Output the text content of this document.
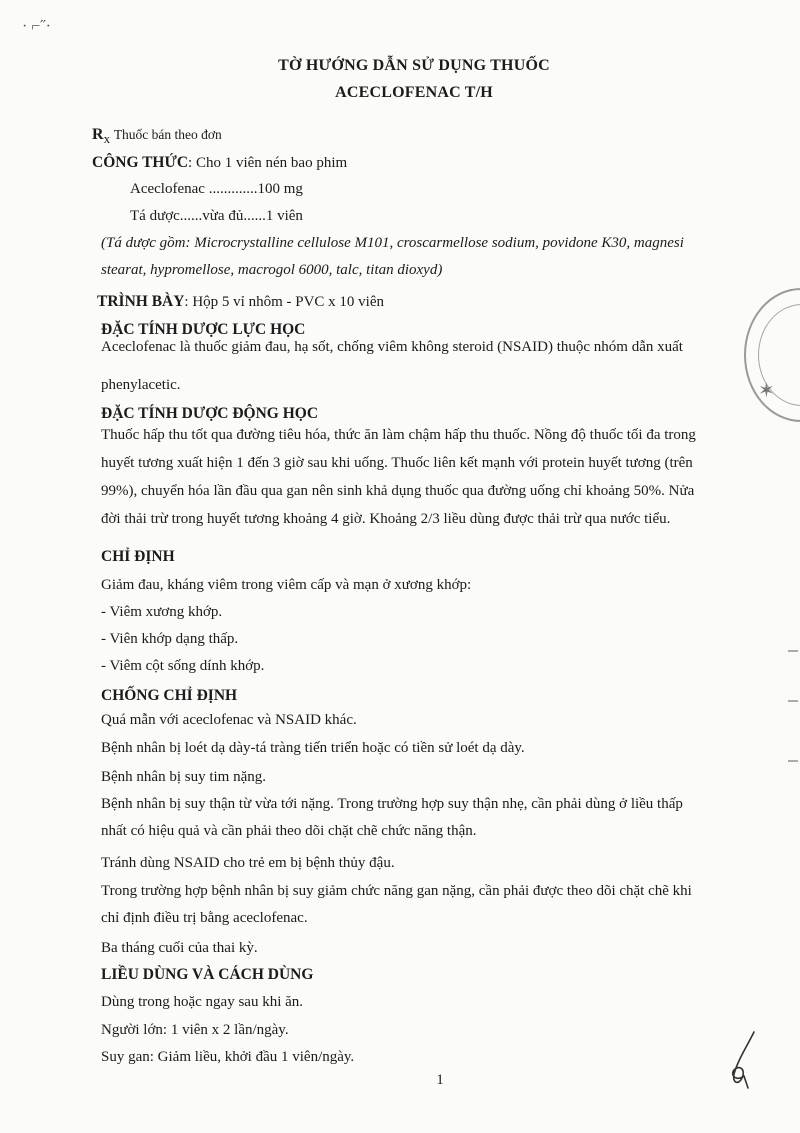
· ⌐˝·
TỜ HƯỚNG DẪN SỬ DỤNG THUỐC
ACECLOFENAC T/H
$R_x$ Thuốc bán theo đơn
CÔNG THỨC: Cho 1 viên nén bao phim
Aceclofenac .............100 mg
Tá dược......vừa đủ......1 viên
(Tá dược gồm: Microcrystalline cellulose M101, croscarmellose sodium, povidone K30, magnesi
stearat, hypromellose, macrogol 6000, talc, titan dioxyd)
TRÌNH BÀY: Hộp 5 vỉ nhôm - PVC x 10 viên
ĐẶC TÍNH DƯỢC LỰC HỌC
Aceclofenac là thuốc giảm đau, hạ sốt, chống viêm không steroid (NSAID) thuộc nhóm dẫn xuất
phenylacetic.
ĐẶC TÍNH DƯỢC ĐỘNG HỌC
Thuốc hấp thu tốt qua đường tiêu hóa, thức ăn làm chậm hấp thu thuốc. Nồng độ thuốc tối đa trong
huyết tương xuất hiện 1 đến 3 giờ sau khi uống. Thuốc liên kết mạnh với protein huyết tương (trên
99%), chuyển hóa lần đầu qua gan nên sinh khả dụng thuốc qua đường uống chỉ khoảng 50%. Nửa
đời thải trừ trong huyết tương khoảng 4 giờ. Khoảng 2/3 liều dùng được thải trừ qua nước tiểu.
CHỈ ĐỊNH
Giảm đau, kháng viêm trong viêm cấp và mạn ở xương khớp:
- Viêm xương khớp.
- Viên khớp dạng thấp.
- Viêm cột sống dính khớp.
CHỐNG CHỈ ĐỊNH
Quá mẫn với aceclofenac và NSAID khác.
Bệnh nhân bị loét dạ dày-tá tràng tiến triển hoặc có tiền sử loét dạ dày.
Bệnh nhân bị suy tim nặng.
Bệnh nhân bị suy thận từ vừa tới nặng. Trong trường hợp suy thận nhẹ, cần phải dùng ở liều thấp
nhất có hiệu quả và cần phải theo dõi chặt chẽ chức năng thận.
Tránh dùng NSAID cho trẻ em bị bệnh thủy đậu.
Trong trường hợp bệnh nhân bị suy giảm chức năng gan nặng, cần phải được theo dõi chặt chẽ khi
chỉ định điều trị bằng aceclofenac.
Ba tháng cuối của thai kỳ.
LIỀU DÙNG VÀ CÁCH DÙNG
Dùng trong hoặc ngay sau khi ăn.
Người lớn: 1 viên x 2 lần/ngày.
Suy gan: Giảm liều, khởi đầu 1 viên/ngày.
1
✶
